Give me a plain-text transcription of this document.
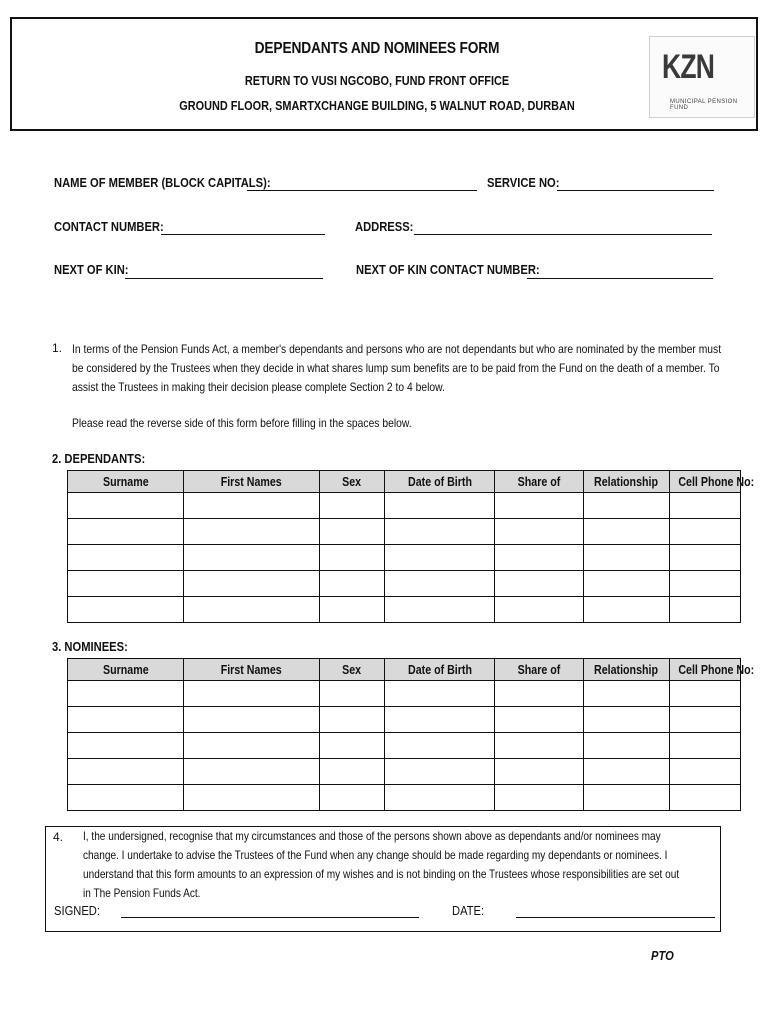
DEPENDANTS AND NOMINEES FORM
RETURN TO VUSI NGCOBO, FUND FRONT OFFICE
GROUND FLOOR, SMARTXCHANGE BUILDING, 5 WALNUT ROAD, DURBAN
KZN
MUNICIPAL PENSION FUND
NAME OF MEMBER (BLOCK CAPITALS):	SERVICE NO:
CONTACT NUMBER:	ADDRESS:
NEXT OF KIN:	NEXT OF KIN CONTACT NUMBER:
1. In terms of the Pension Funds Act, a member's dependants and persons who are not dependants but who are nominated by the member must be considered by the Trustees when they decide in what shares lump sum benefits are to be paid from the Fund on the death of a member. To assist the Trustees in making their decision please complete Section 2 to 4 below.
Please read the reverse side of this form before filling in the spaces below.
2. DEPENDANTS:
Surname	First Names	Sex	Date of Birth	Share of	Relationship	Cell Phone No:

3. NOMINEES:
Surname	First Names	Sex	Date of Birth	Share of	Relationship	Cell Phone No:

4. I, the undersigned, recognise that my circumstances and those of the persons shown above as dependants and/or nominees may change. I undertake to advise the Trustees of the Fund when any change should be made regarding my dependants or nominees. I understand that this form amounts to an expression of my wishes and is not binding on the Trustees whose responsibilities are set out in The Pension Funds Act.
SIGNED:	DATE:
PTO
